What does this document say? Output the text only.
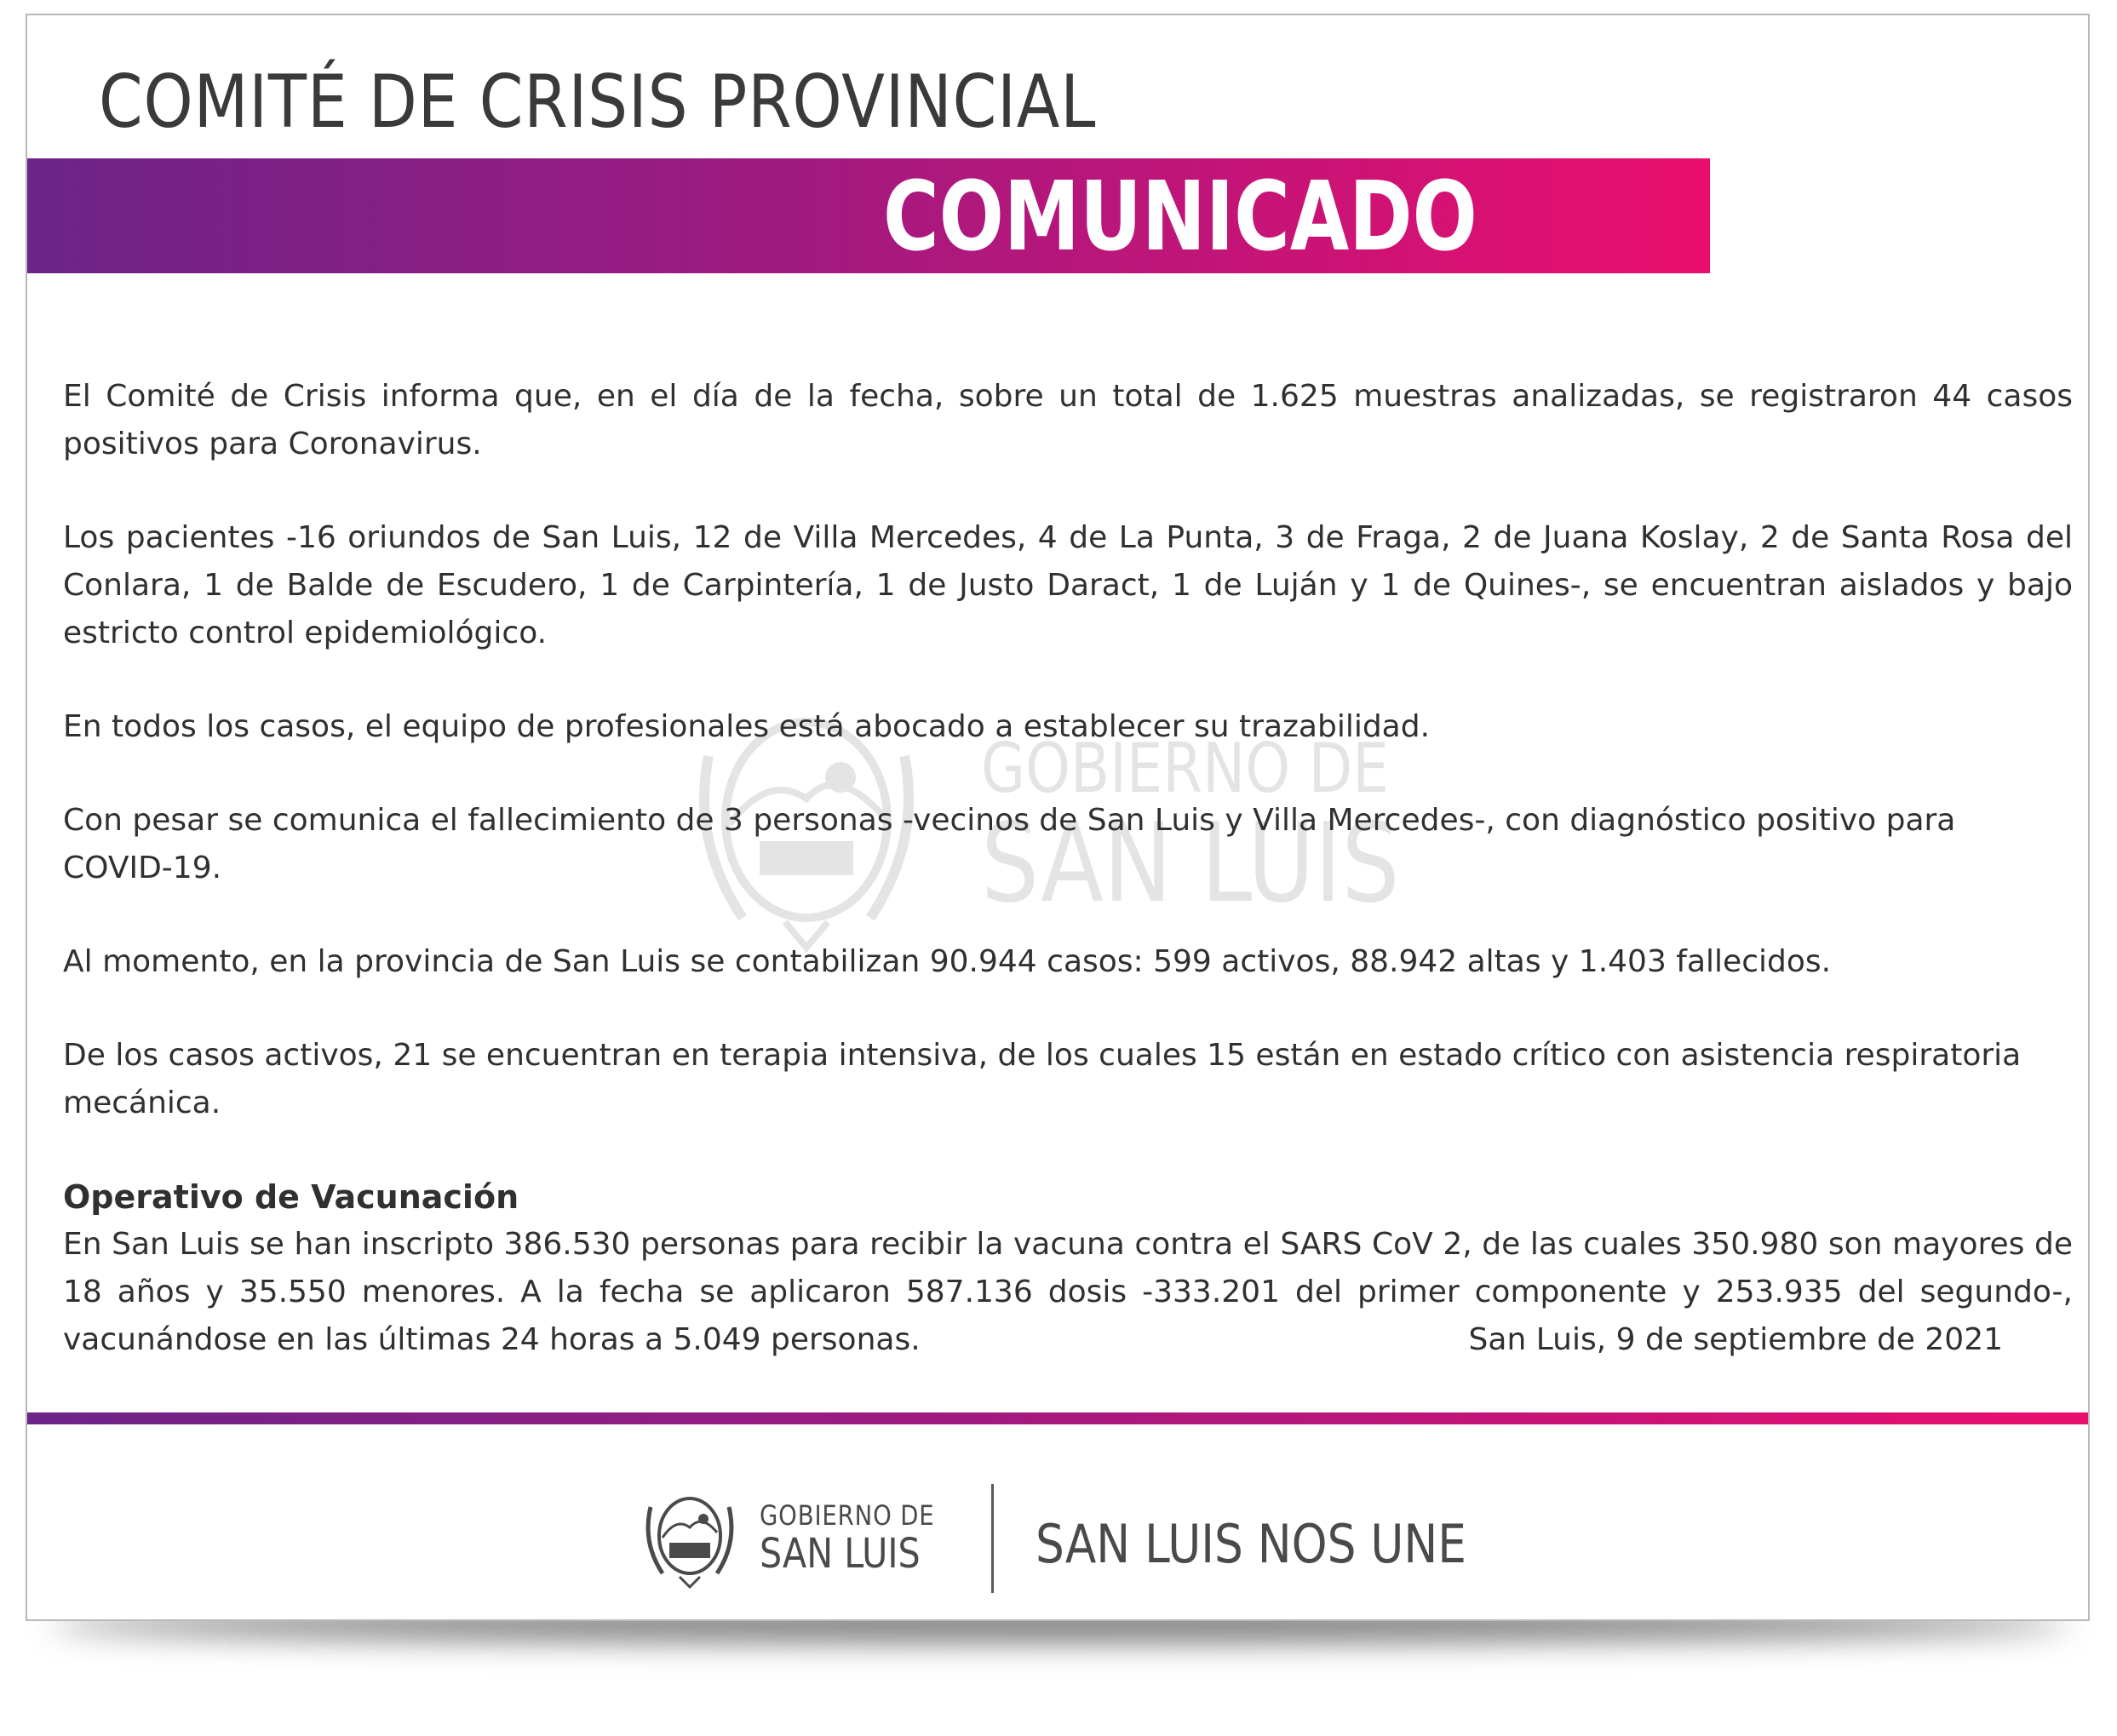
COMITÉ DE CRISIS PROVINCIAL
COMUNICADO
GOBIERNO DE
SAN LUIS

El Comité de Crisis informa que, en el día de la fecha, sobre un total de 1.625 muestras analizadas, se registraron 44 casos positivos para Coronavirus.

Los pacientes -16 oriundos de San Luis, 12 de Villa Mercedes, 4 de La Punta, 3 de Fraga, 2 de Juana Koslay, 2 de Santa Rosa del Conlara, 1 de Balde de Escudero, 1 de Carpintería, 1 de Justo Daract, 1 de Luján y 1 de Quines-, se encuentran aislados y bajo estricto control epidemiológico.

En todos los casos, el equipo de profesionales está abocado a establecer su trazabilidad.

Con pesar se comunica el fallecimiento de 3 personas -vecinos de San Luis y Villa Mercedes-, con diagnóstico positivo para COVID-19.

Al momento, en la provincia de San Luis se contabilizan 90.944 casos: 599 activos, 88.942 altas y 1.403 fallecidos.

De los casos activos, 21 se encuentran en terapia intensiva, de los cuales 15 están en estado crítico con asistencia respiratoria mecánica.

Operativo de Vacunación

En San Luis se han inscripto 386.530 personas para recibir la vacuna contra el SARS CoV 2, de las cuales 350.980 son mayores de 18 años y 35.550 menores. A la fecha se aplicaron 587.136 dosis -333.201 del primer componente y 253.935 del segundo-, vacunándose en las últimas 24 horas a 5.049 personas.	San Luis, 9 de septiembre de 2021
GOBIERNO DE
SAN LUIS SAN LUIS NOS UNE
